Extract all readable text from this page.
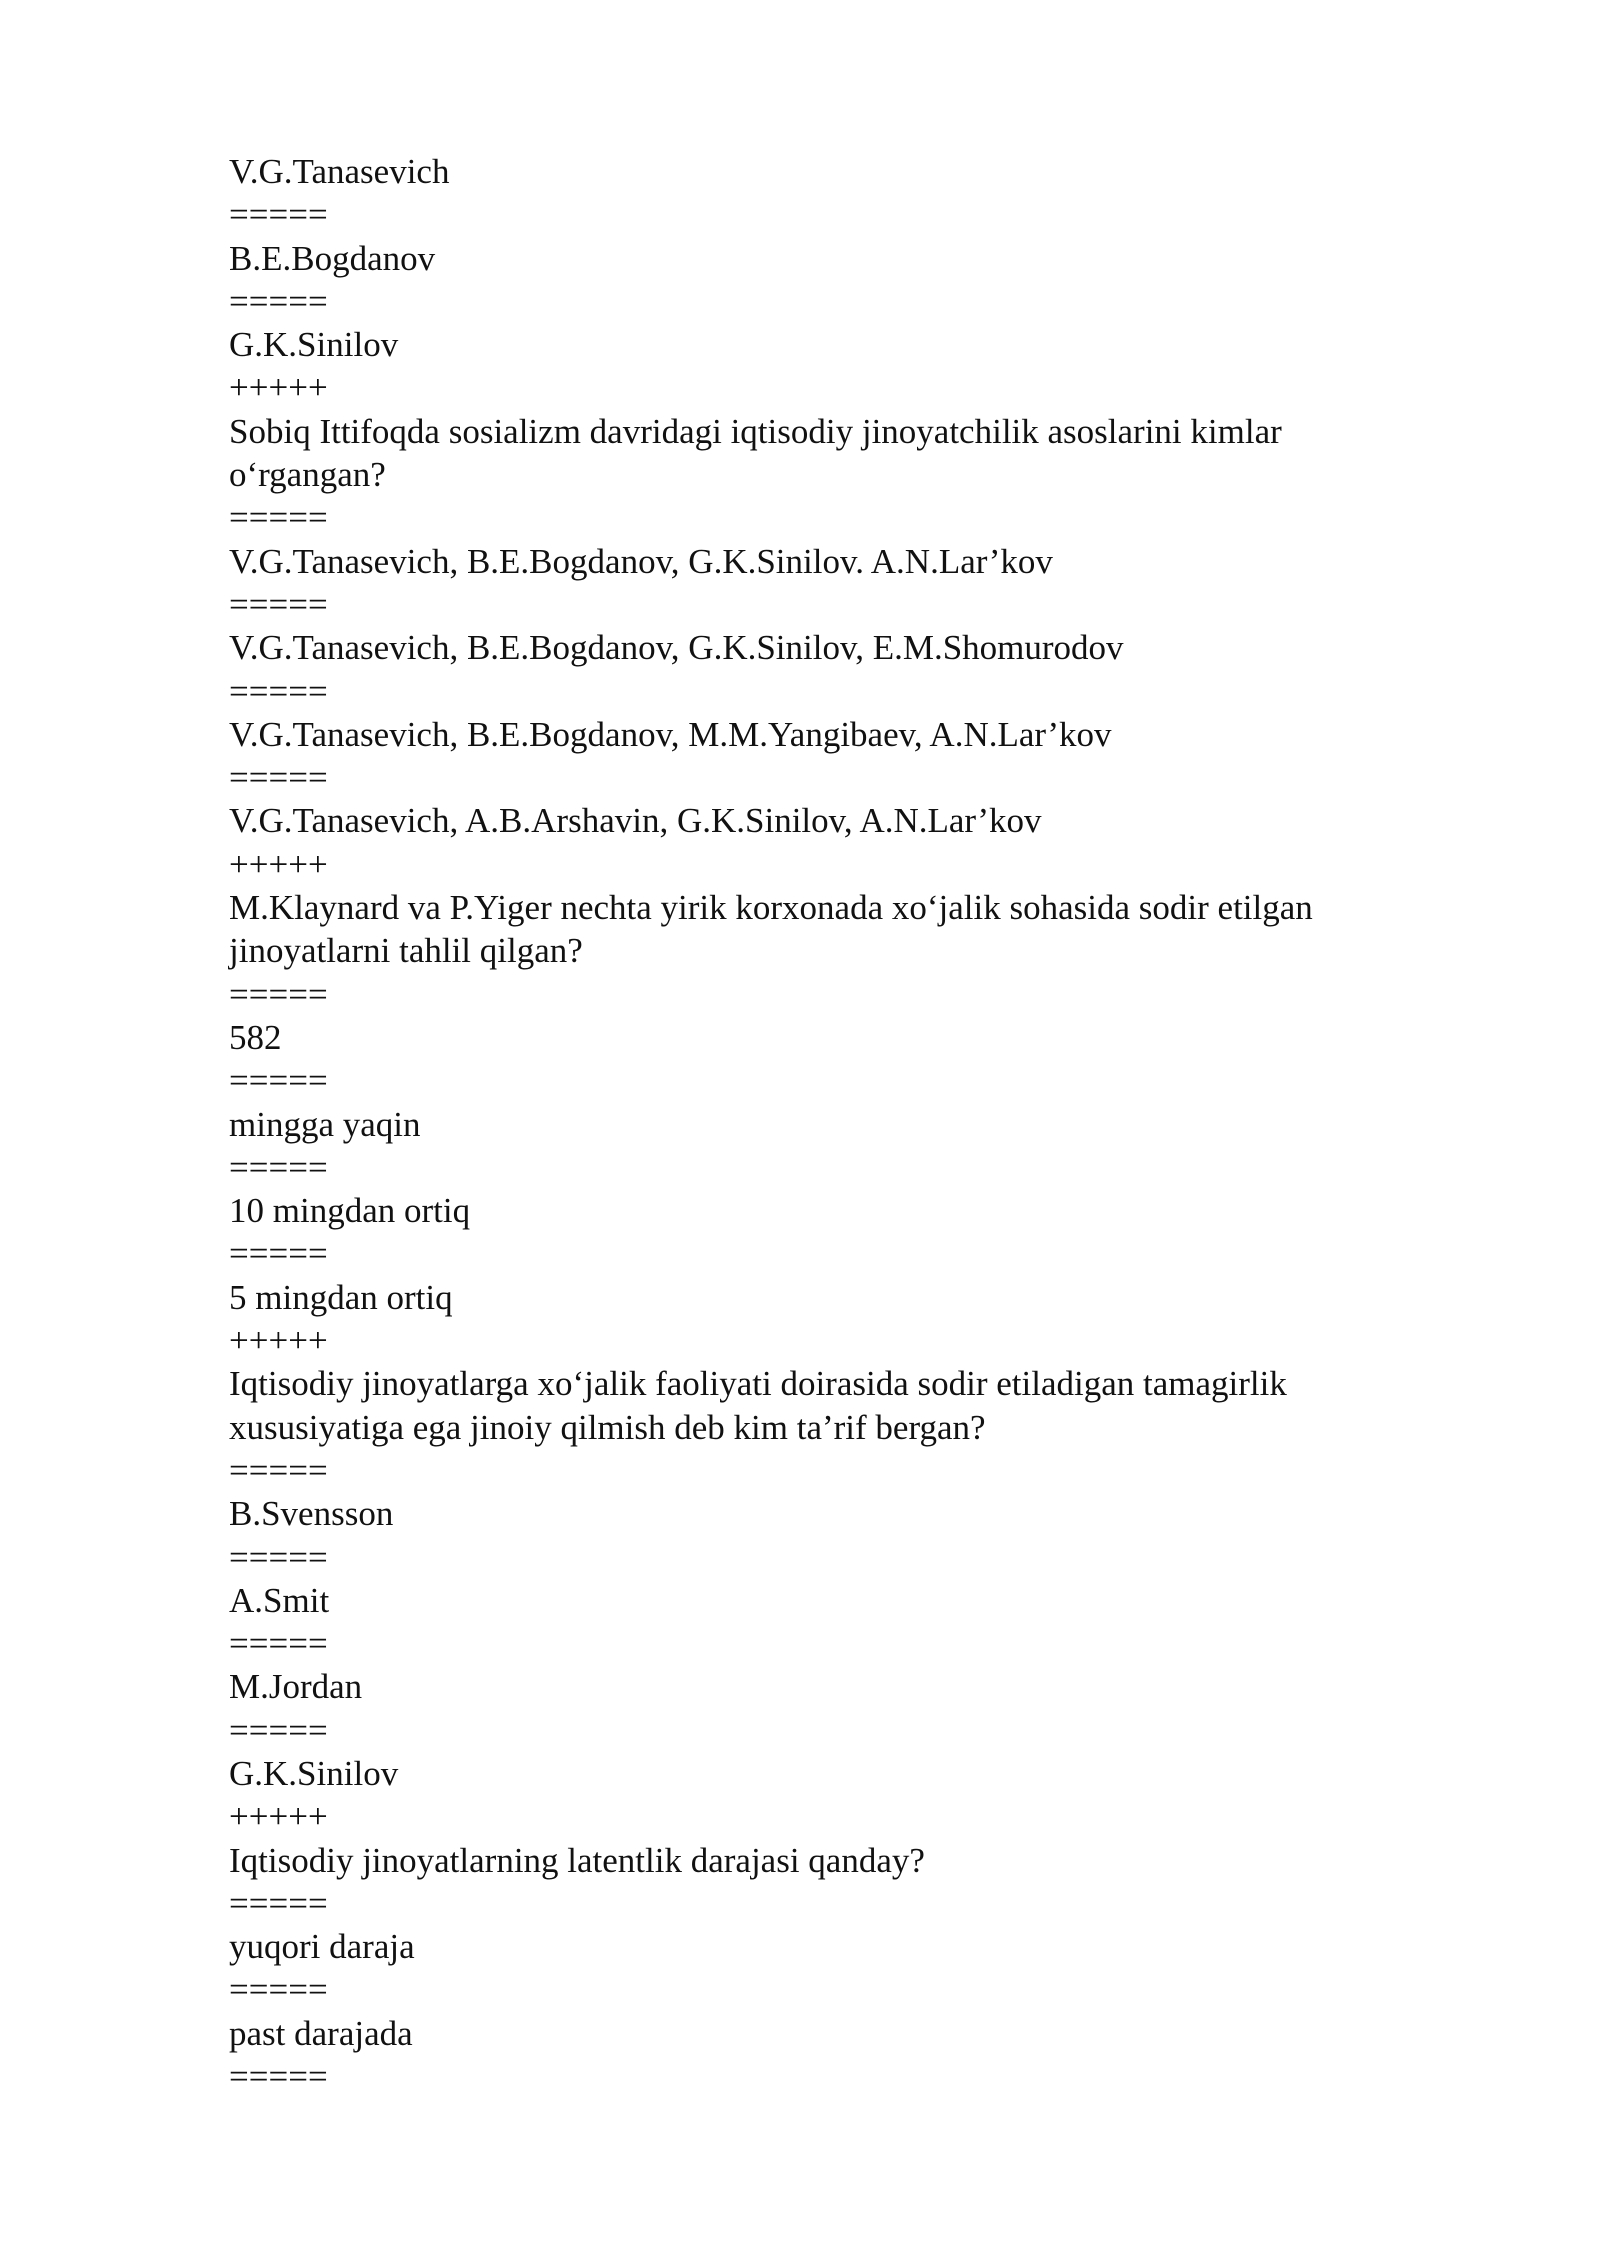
V.G.Tanasevich
=====
B.E.Bogdanov
=====
G.K.Sinilov
+++++
Sobiq Ittifoqda sosializm davridagi iqtisodiy jinoyatchilik asoslarini kimlar
o‘rgangan?
=====
V.G.Tanasevich, B.E.Bogdanov, G.K.Sinilov. A.N.Lar’kov
=====
V.G.Tanasevich, B.E.Bogdanov, G.K.Sinilov, E.M.Shomurodov
=====
V.G.Tanasevich, B.E.Bogdanov, M.M.Yangibaev, A.N.Lar’kov
=====
V.G.Tanasevich, A.B.Arshavin, G.K.Sinilov, A.N.Lar’kov
+++++
M.Klaynard va P.Yiger nechta yirik korxonada xo‘jalik sohasida sodir etilgan
jinoyatlarni tahlil qilgan?
=====
582
=====
mingga yaqin
=====
10 mingdan ortiq
=====
5 mingdan ortiq
+++++
Iqtisodiy jinoyatlarga xo‘jalik faoliyati doirasida sodir etiladigan tamagirlik
xususiyatiga ega jinoiy qilmish deb kim ta’rif bergan?
=====
B.Svensson
=====
A.Smit
=====
M.Jordan
=====
G.K.Sinilov
+++++
Iqtisodiy jinoyatlarning latentlik darajasi qanday?
=====
yuqori daraja
=====
past darajada
=====
